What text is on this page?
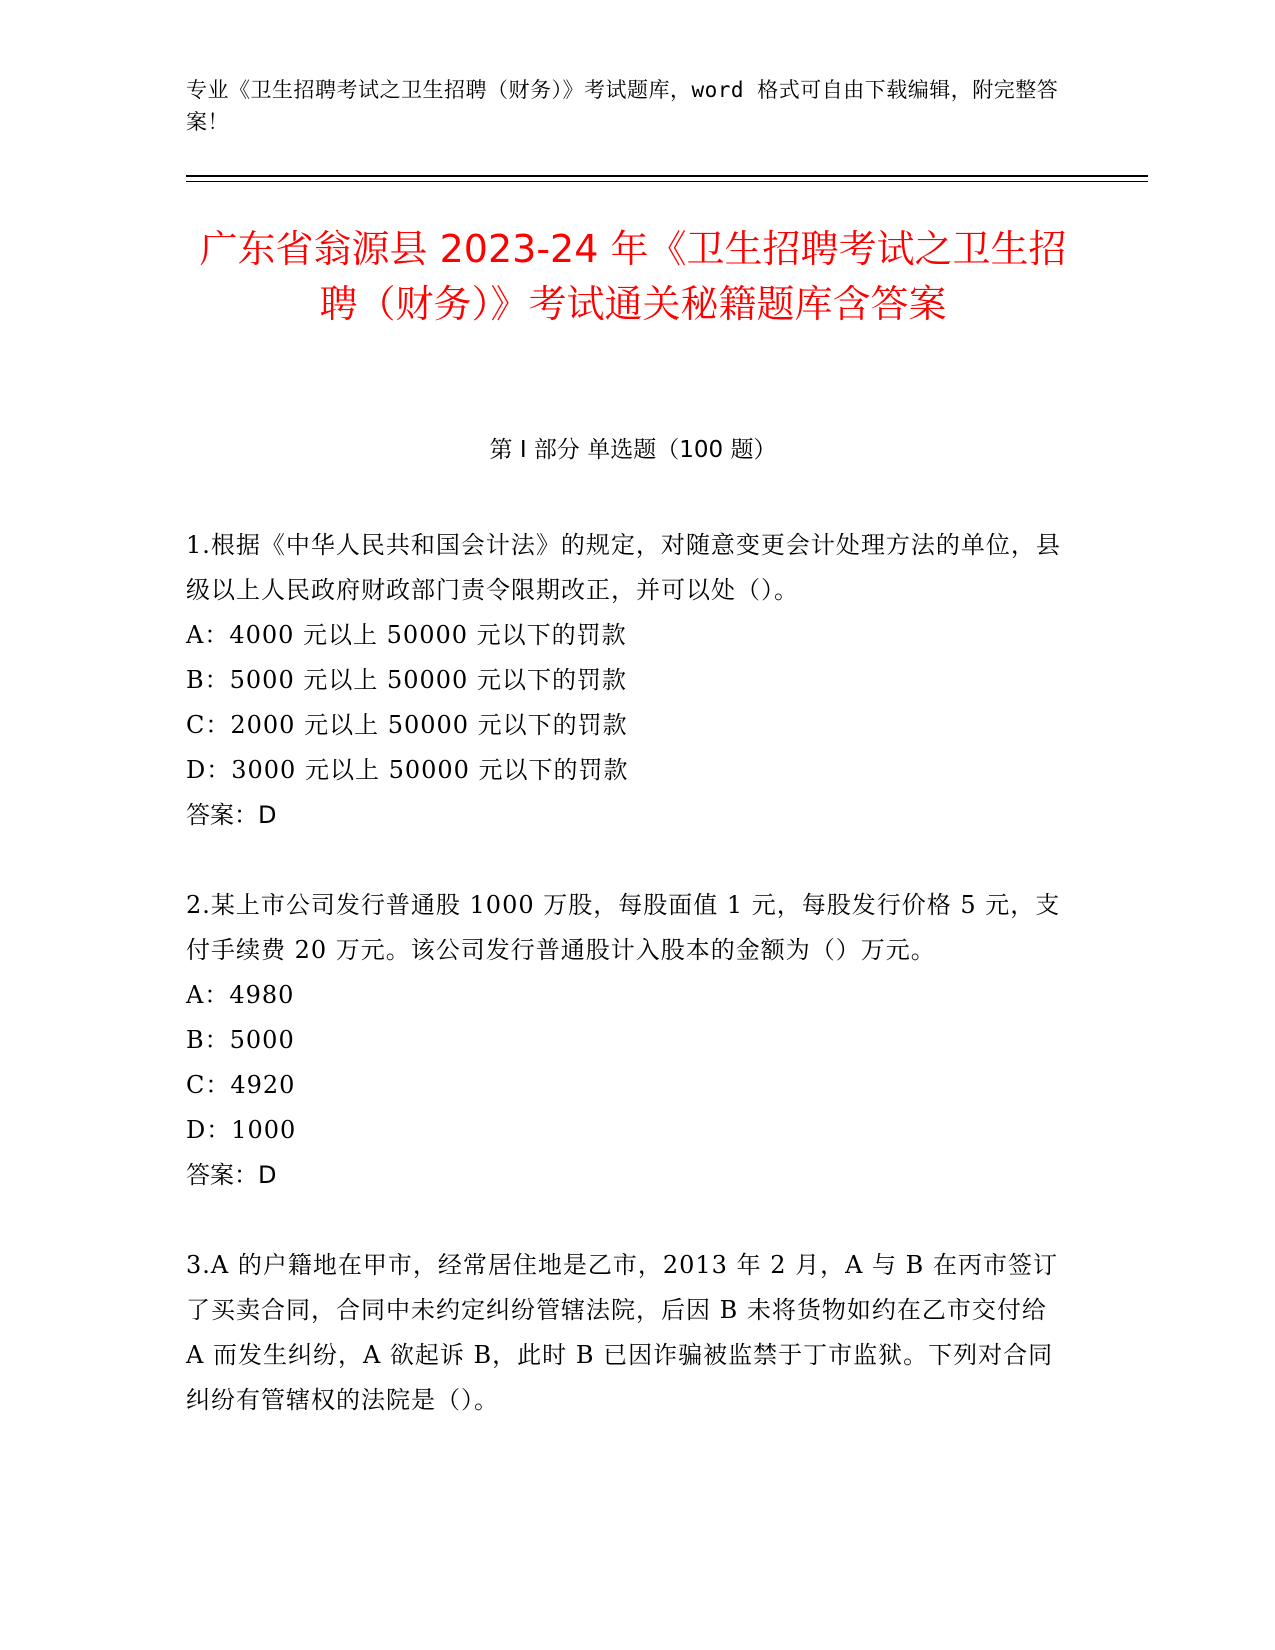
专业《卫生招聘考试之卫生招聘（财务）》考试题库，word 格式可自由下载编辑，附完整答案！
广东省翁源县 2023-24 年《卫生招聘考试之卫生招聘（财务）》考试通关秘籍题库含答案
第 I 部分 单选题（100 题）
1.根据《中华人民共和国会计法》的规定，对随意变更会计处理方法的单位，县级以上人民政府财政部门责令限期改正，并可以处（）。
A：4000 元以上 50000 元以下的罚款
B：5000 元以上 50000 元以下的罚款
C：2000 元以上 50000 元以下的罚款
D：3000 元以上 50000 元以下的罚款
答案：D
2.某上市公司发行普通股 1000 万股，每股面值 1 元，每股发行价格 5 元，支付手续费 20 万元。该公司发行普通股计入股本的金额为（）万元。
A：4980
B：5000
C：4920
D：1000
答案：D
3.A 的户籍地在甲市，经常居住地是乙市，2013 年 2 月，A 与 B 在丙市签订了买卖合同，合同中未约定纠纷管辖法院，后因 B 未将货物如约在乙市交付给 A 而发生纠纷，A 欲起诉 B，此时 B 已因诈骗被监禁于丁市监狱。下列对合同纠纷有管辖权的法院是（）。
